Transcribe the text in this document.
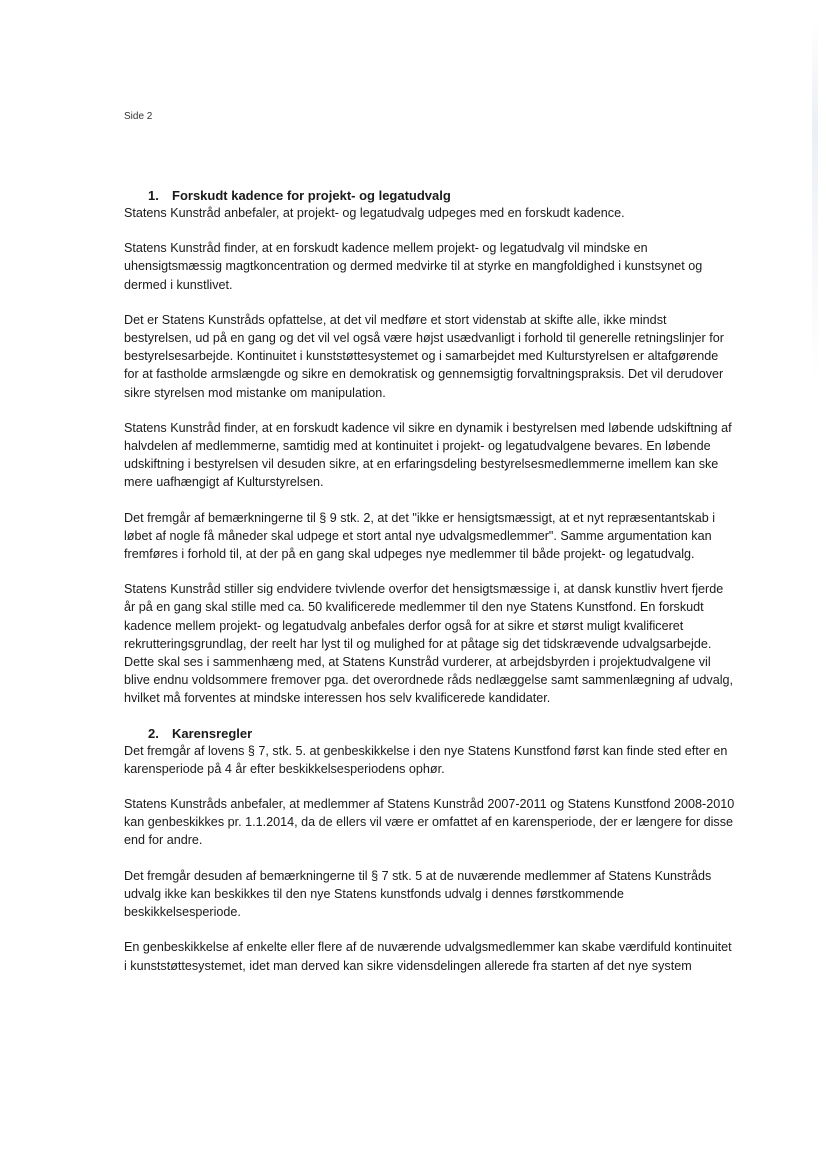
Side 2
1. Forskudt kadence for projekt- og legatudvalg

Statens Kunstråd anbefaler, at projekt- og legatudvalg udpeges med en forskudt kadence.

Statens Kunstråd finder, at en forskudt kadence mellem projekt- og legatudvalg vil mindske en uhensigtsmæssig magtkoncentration og dermed medvirke til at styrke en mangfoldighed i kunstsynet og dermed i kunstlivet.

Det er Statens Kunstråds opfattelse, at det vil medføre et stort videnstab at skifte alle, ikke mindst bestyrelsen, ud på en gang og det vil vel også være højst usædvanligt i forhold til generelle retningslinjer for bestyrelsesarbejde. Kontinuitet i kunststøttesystemet og i samarbejdet med Kulturstyrelsen er altafgørende for at fastholde armslængde og sikre en demokratisk og gennemsigtig forvaltningspraksis. Det vil derudover sikre styrelsen mod mistanke om manipulation.

Statens Kunstråd finder, at en forskudt kadence vil sikre en dynamik i bestyrelsen med løbende udskiftning af halvdelen af medlemmerne, samtidig med at kontinuitet i projekt- og legatudvalgene bevares. En løbende udskiftning i bestyrelsen vil desuden sikre, at en erfaringsdeling bestyrelsesmedlemmerne imellem kan ske mere uafhængigt af Kulturstyrelsen.

Det fremgår af bemærkningerne til § 9 stk. 2, at det "ikke er hensigtsmæssigt, at et nyt repræsentantskab i løbet af nogle få måneder skal udpege et stort antal nye udvalgsmedlemmer". Samme argumentation kan fremføres i forhold til, at der på en gang skal udpeges nye medlemmer til både projekt- og legatudvalg.

Statens Kunstråd stiller sig endvidere tvivlende overfor det hensigtsmæssige i, at dansk kunstliv hvert fjerde år på en gang skal stille med ca. 50 kvalificerede medlemmer til den nye Statens Kunstfond. En forskudt kadence mellem projekt- og legatudvalg anbefales derfor også for at sikre et størst muligt kvalificeret rekrutteringsgrundlag, der reelt har lyst til og mulighed for at påtage sig det tidskrævende udvalgsarbejde. Dette skal ses i sammenhæng med, at Statens Kunstråd vurderer, at arbejdsbyrden i projektudvalgene vil blive endnu voldsommere fremover pga. det overordnede råds nedlæggelse samt sammenlægning af udvalg, hvilket må forventes at mindske interessen hos selv kvalificerede kandidater.

2. Karensregler

Det fremgår af lovens § 7, stk. 5. at genbeskikkelse i den nye Statens Kunstfond først kan finde sted efter en karensperiode på 4 år efter beskikkelsesperiodens ophør.

Statens Kunstråds anbefaler, at medlemmer af Statens Kunstråd 2007-2011 og Statens Kunstfond 2008-2010 kan genbeskikkes pr. 1.1.2014, da de ellers vil være er omfattet af en karensperiode, der er længere for disse end for andre.

Det fremgår desuden af bemærkningerne til § 7 stk. 5 at de nuværende medlemmer af Statens Kunstråds udvalg ikke kan beskikkes til den nye Statens kunstfonds udvalg i dennes førstkommende beskikkelsesperiode.

En genbeskikkelse af enkelte eller flere af de nuværende udvalgsmedlemmer kan skabe værdifuld kontinuitet i kunststøttesystemet, idet man derved kan sikre vidensdelingen allerede fra starten af det nye system
